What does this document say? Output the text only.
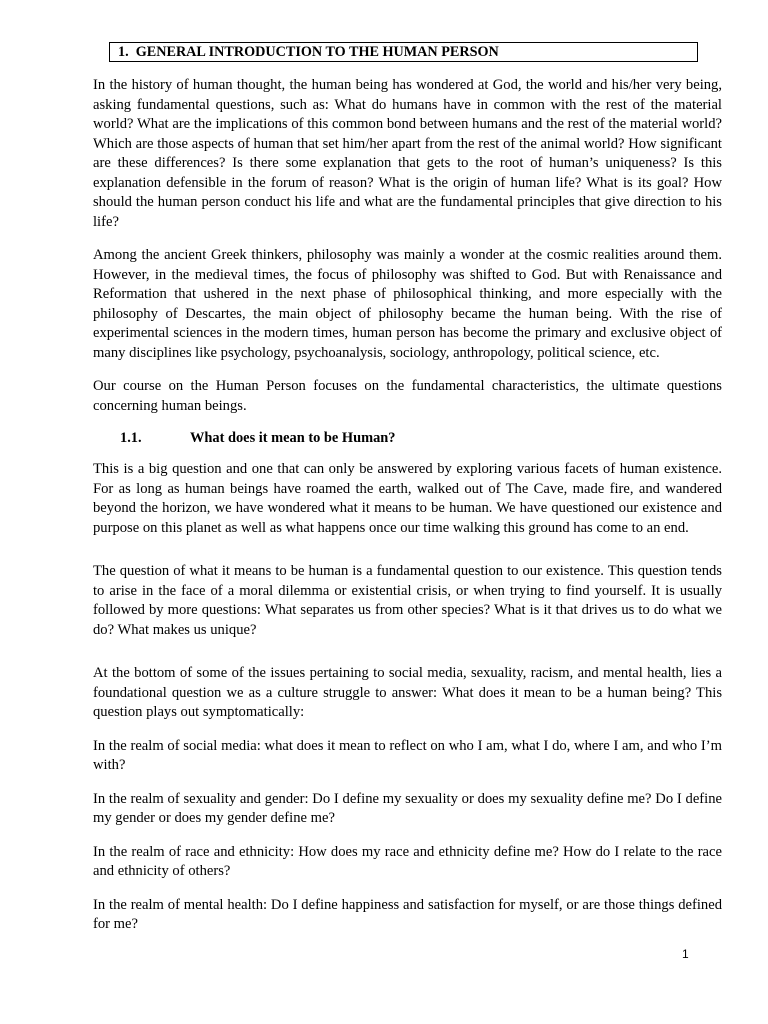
1. GENERAL INTRODUCTION TO THE HUMAN PERSON

In the history of human thought, the human being has wondered at God, the world and his/her very being, asking fundamental questions, such as: What do humans have in common with the rest of the material world? What are the implications of this common bond between humans and the rest of the material world? Which are those aspects of human that set him/her apart from the rest of the animal world? How significant are these differences? Is there some explanation that gets to the root of human’s uniqueness? Is this explanation defensible in the forum of reason? What is the origin of human life? What is its goal? How should the human person conduct his life and what are the fundamental principles that give direction to his life?

Among the ancient Greek thinkers, philosophy was mainly a wonder at the cosmic realities around them. However, in the medieval times, the focus of philosophy was shifted to God. But with Renaissance and Reformation that ushered in the next phase of philosophical thinking, and more especially with the philosophy of Descartes, the main object of philosophy became the human being. With the rise of experimental sciences in the modern times, human person has become the primary and exclusive object of many disciplines like psychology, psychoanalysis, sociology, anthropology, political science, etc.

Our course on the Human Person focuses on the fundamental characteristics, the ultimate questions concerning human beings.

1.1.	What does it mean to be Human?

This is a big question and one that can only be answered by exploring various facets of human existence. For as long as human beings have roamed the earth, walked out of The Cave, made fire, and wandered beyond the horizon, we have wondered what it means to be human. We have questioned our existence and purpose on this planet as well as what happens once our time walking this ground has come to an end.

The question of what it means to be human is a fundamental question to our existence. This question tends to arise in the face of a moral dilemma or existential crisis, or when trying to find yourself. It is usually followed by more questions: What separates us from other species? What is it that drives us to do what we do? What makes us unique?

At the bottom of some of the issues pertaining to social media, sexuality, racism, and mental health, lies a foundational question we as a culture struggle to answer: What does it mean to be a human being? This question plays out symptomatically:

In the realm of social media: what does it mean to reflect on who I am, what I do, where I am, and who I’m with?

In the realm of sexuality and gender: Do I define my sexuality or does my sexuality define me? Do I define my gender or does my gender define me?

In the realm of race and ethnicity: How does my race and ethnicity define me? How do I relate to the race and ethnicity of others?

In the realm of mental health: Do I define happiness and satisfaction for myself, or are those things defined for me?

1
